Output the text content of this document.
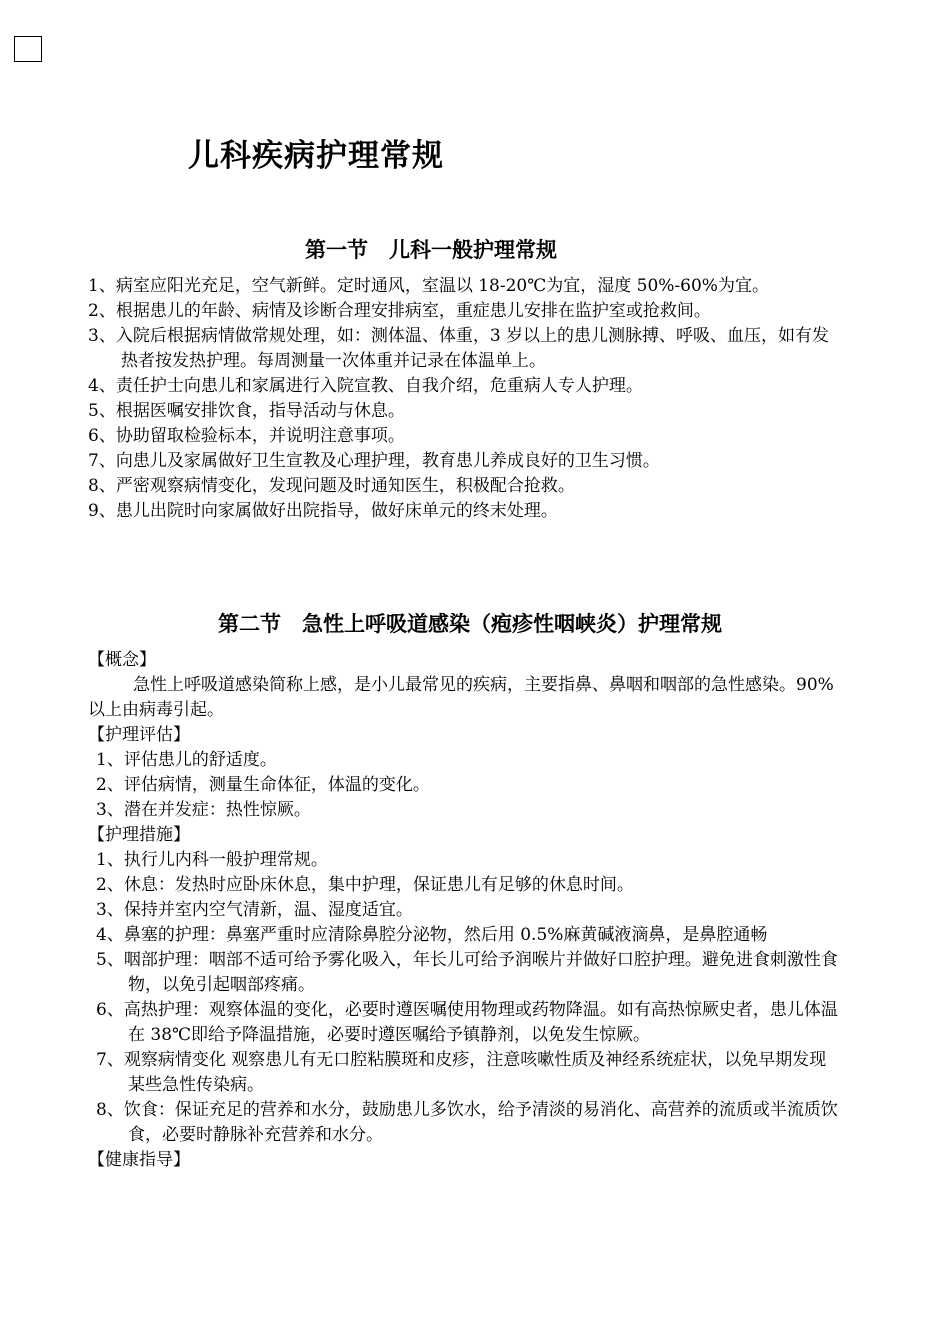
儿科疾病护理常规
第一节　儿科一般护理常规

1、病室应阳光充足，空气新鲜。定时通风，室温以 18-20℃为宜，湿度 50%-60%为宜。

2、根据患儿的年龄、病情及诊断合理安排病室，重症患儿安排在监护室或抢救间。

3、入院后根据病情做常规处理，如：测体温、体重，3 岁以上的患儿测脉搏、呼吸、血压，如有发热者按发热护理。每周测量一次体重并记录在体温单上。

4、责任护士向患儿和家属进行入院宣教、自我介绍，危重病人专人护理。

5、根据医嘱安排饮食，指导活动与休息。

6、协助留取检验标本，并说明注意事项。

7、向患儿及家属做好卫生宣教及心理护理，教育患儿养成良好的卫生习惯。

8、严密观察病情变化，发现问题及时通知医生，积极配合抢救。

9、患儿出院时向家属做好出院指导，做好床单元的终末处理。

第二节　急性上呼吸道感染（疱疹性咽峡炎）护理常规

【概念】

急性上呼吸道感染简称上感，是小儿最常见的疾病，主要指鼻、鼻咽和咽部的急性感染。90%以上由病毒引起。

【护理评估】

1、评估患儿的舒适度。

2、评估病情，测量生命体征，体温的变化。

3、潜在并发症：热性惊厥。

【护理措施】

1、执行儿内科一般护理常规。

2、休息：发热时应卧床休息，集中护理，保证患儿有足够的休息时间。

3、保持并室内空气清新，温、湿度适宜。

4、鼻塞的护理：鼻塞严重时应清除鼻腔分泌物，然后用 0.5%麻黄碱液滴鼻，是鼻腔通畅

5、咽部护理：咽部不适可给予雾化吸入，年长儿可给予润喉片并做好口腔护理。避免进食刺激性食物，以免引起咽部疼痛。

6、高热护理：观察体温的变化，必要时遵医嘱使用物理或药物降温。如有高热惊厥史者，患儿体温在 38℃即给予降温措施，必要时遵医嘱给予镇静剂，以免发生惊厥。

7、观察病情变化 观察患儿有无口腔粘膜斑和皮疹，注意咳嗽性质及神经系统症状，以免早期发现某些急性传染病。

8、饮食：保证充足的营养和水分，鼓励患儿多饮水，给予清淡的易消化、高营养的流质或半流质饮食，必要时静脉补充营养和水分。

【健康指导】
